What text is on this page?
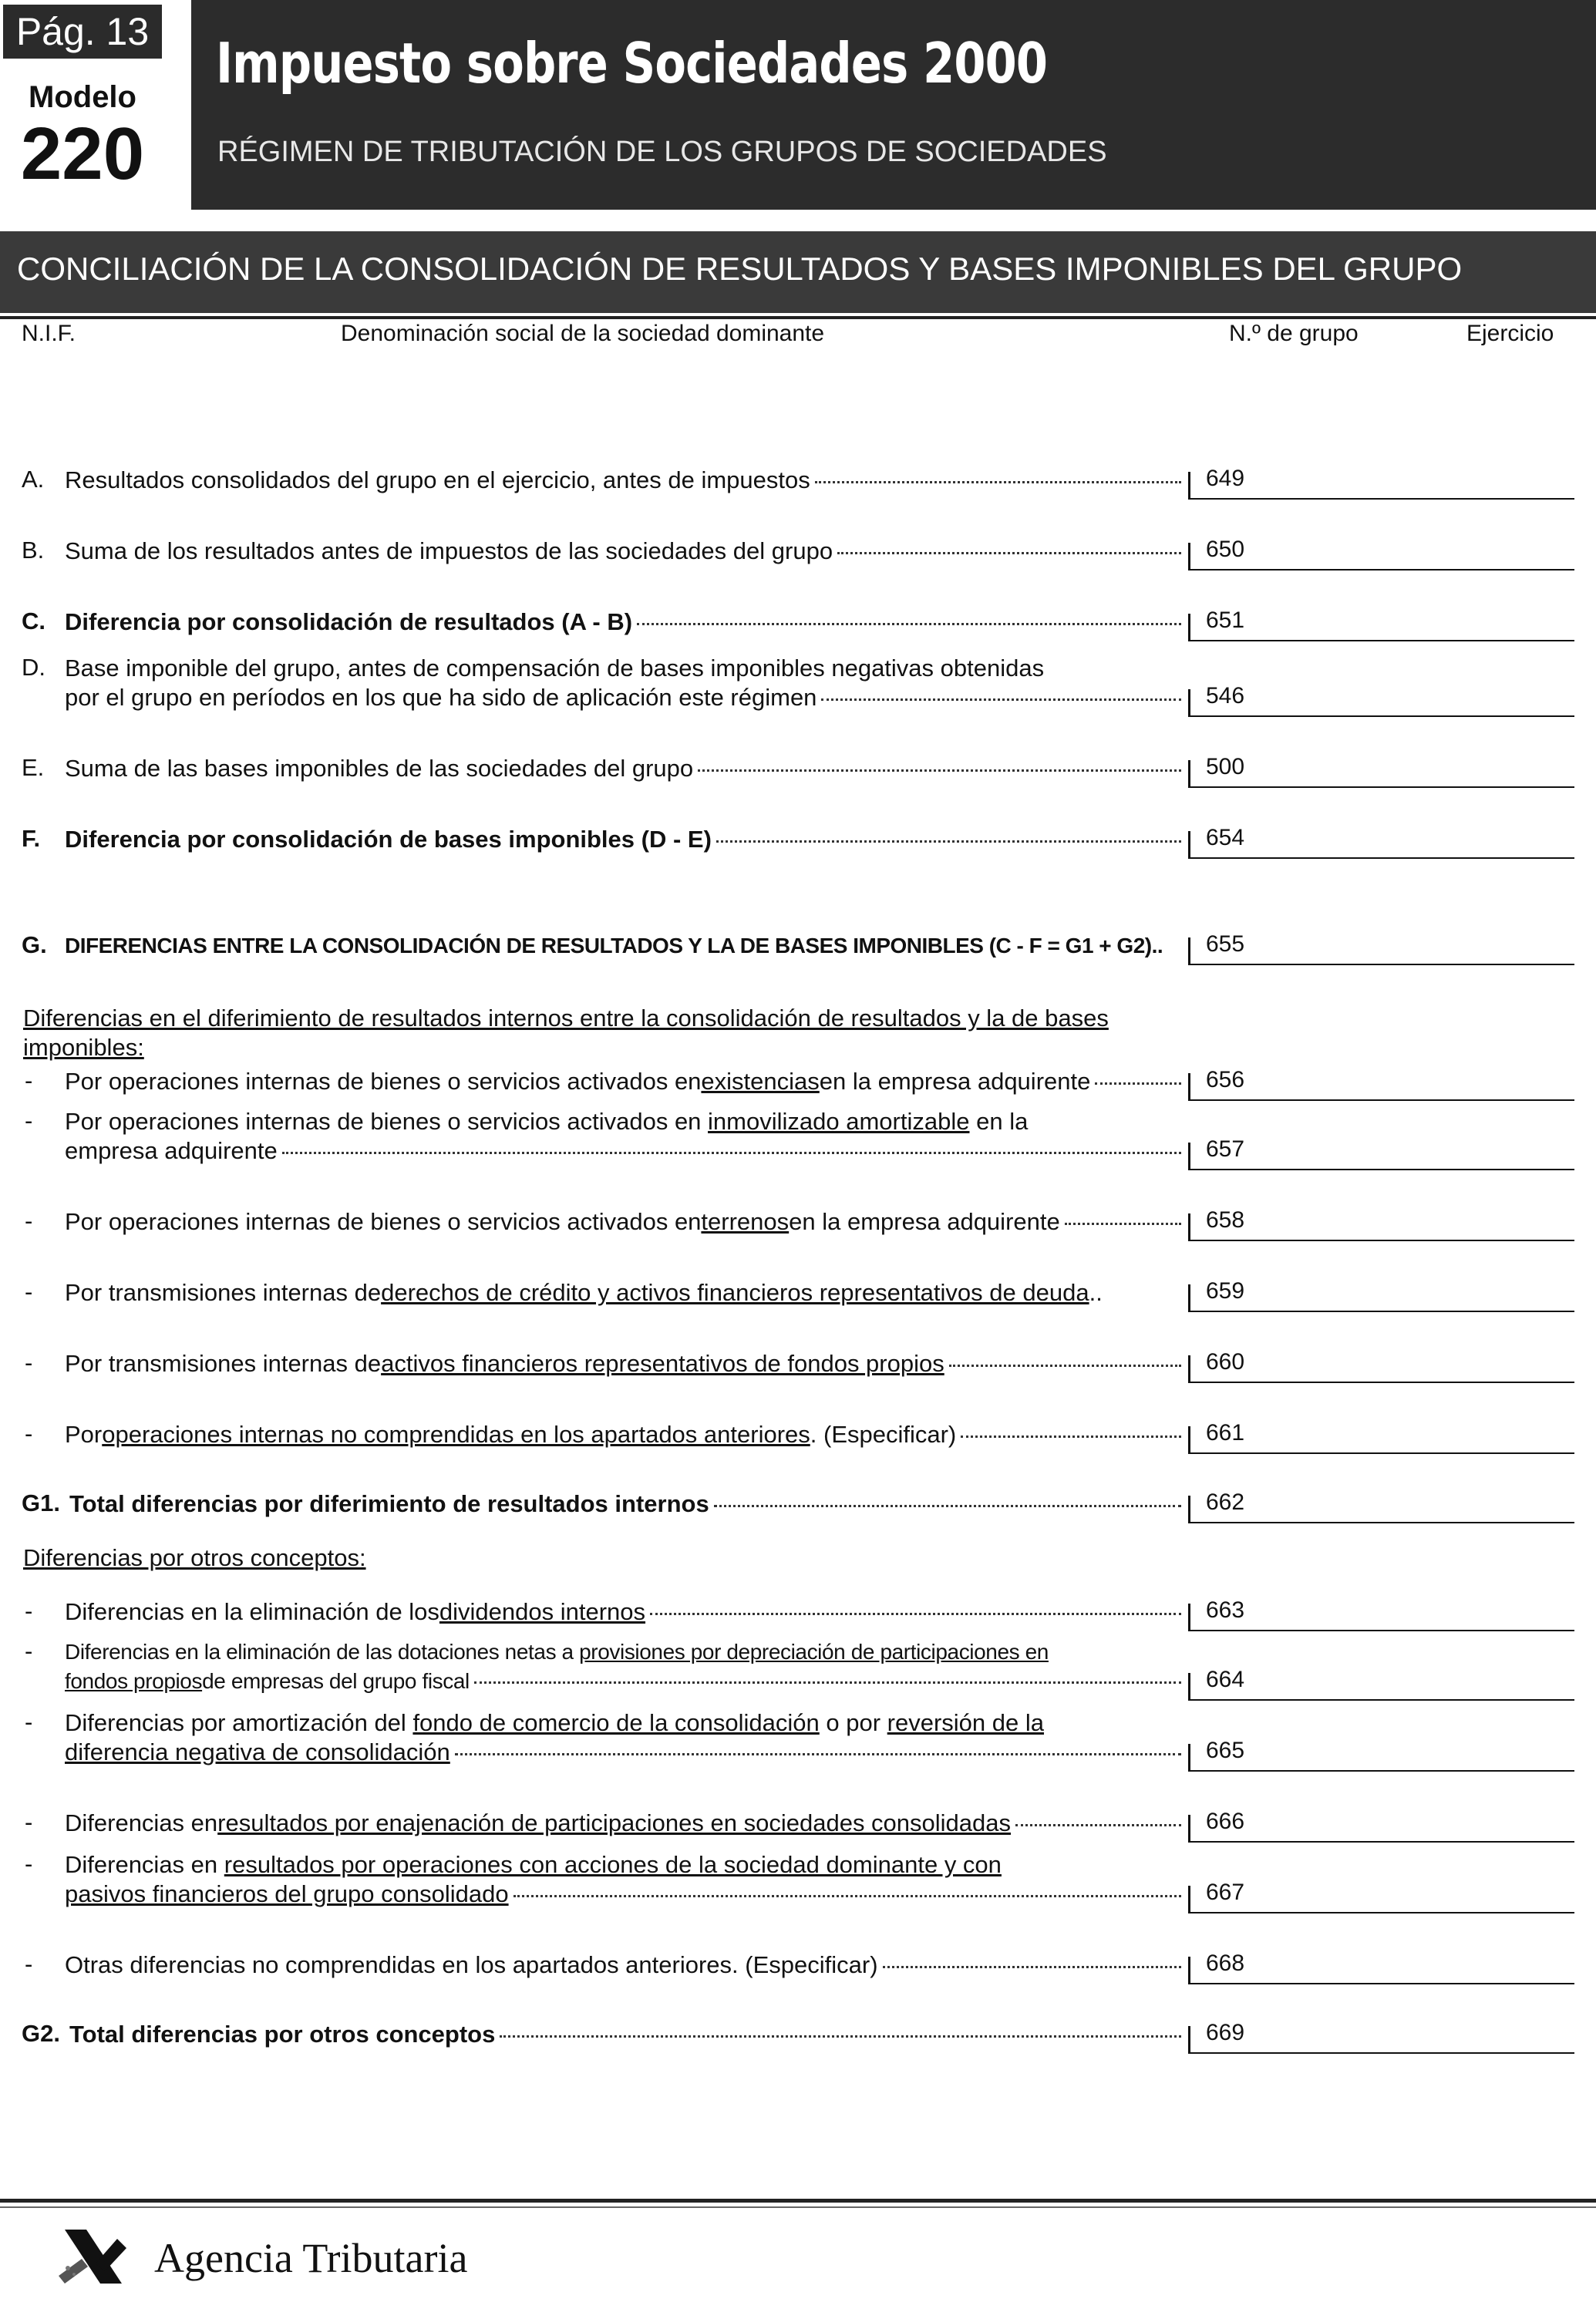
Pág. 13
Modelo
220
Impuesto sobre Sociedades 2000
RÉGIMEN DE TRIBUTACIÓN DE LOS GRUPOS DE SOCIEDADES
CONCILIACIÓN DE LA CONSOLIDACIÓN DE RESULTADOS Y BASES IMPONIBLES DEL GRUPO
N.I.F.	Denominación social de la sociedad dominante	N.º de grupo	Ejercicio
A. Resultados consolidados del grupo en el ejercicio, antes de impuestos	649
B. Suma de los resultados antes de impuestos de las sociedades del grupo	650
C. Diferencia por consolidación de resultados (A - B)	651
D. Base imponible del grupo, antes de compensación de bases imponibles negativas obtenidas
por el grupo en períodos en los que ha sido de aplicación este régimen	546
E. Suma de las bases imponibles de las sociedades del grupo	500
F. Diferencia por consolidación de bases imponibles (D - E)	654
G. DIFERENCIAS ENTRE LA CONSOLIDACIÓN DE RESULTADOS Y LA DE BASES IMPONIBLES (C - F = G1 + G2).. 655
Diferencias en el diferimiento de resultados internos entre la consolidación de resultados y la de bases imponibles:
- Por operaciones internas de bienes o servicios activados en existencias en la empresa adquirente	656
- Por operaciones internas de bienes o servicios activados en inmovilizado amortizable en la
empresa adquirente	657
- Por operaciones internas de bienes o servicios activados en terrenos en la empresa adquirente	658
- Por transmisiones internas de derechos de crédito y activos financieros representativos de deuda ..	659
- Por transmisiones internas de activos financieros representativos de fondos propios	660
- Por operaciones internas no comprendidas en los apartados anteriores . (Especificar)	661
G1. Total diferencias por diferimiento de resultados internos	662
Diferencias por otros conceptos:
- Diferencias en la eliminación de los dividendos internos	663
- Diferencias en la eliminación de las dotaciones netas a provisiones por depreciación de participaciones en
fondos propios de empresas del grupo fiscal	664
- Diferencias por amortización del fondo de comercio de la consolidación o por reversión de la
diferencia negativa de consolidación	665
- Diferencias en resultados por enajenación de participaciones en sociedades consolidadas	666
- Diferencias en resultados por operaciones con acciones de la sociedad dominante y con
pasivos financieros del grupo consolidado	667
- Otras diferencias no comprendidas en los apartados anteriores. (Especificar)	668
G2. Total diferencias por otros conceptos	669
Agencia Tributaria
